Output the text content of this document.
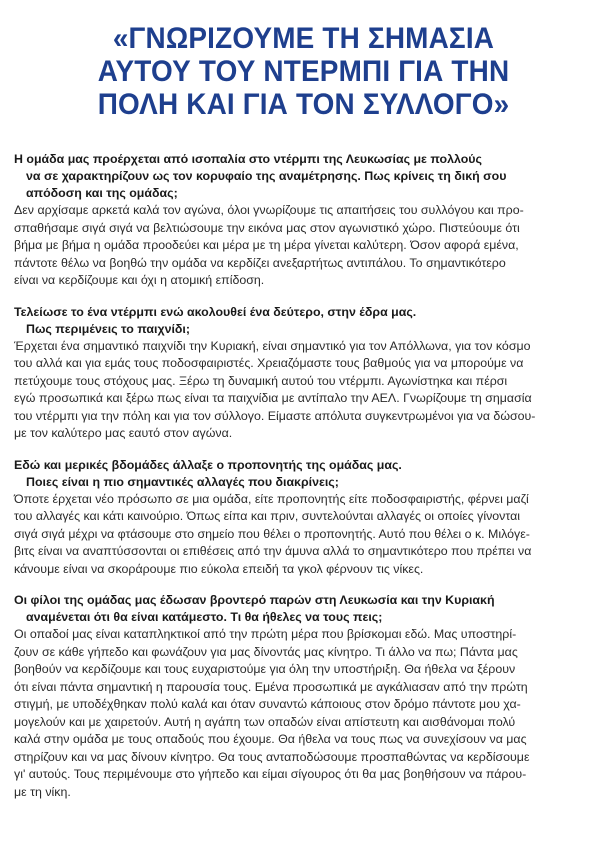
«ΓΝΩΡΙΖΟΥΜΕ ΤΗ ΣΗΜΑΣΙΑ
ΑΥΤΟΥ ΤΟΥ ΝΤΕΡΜΠΙ ΓΙΑ ΤΗΝ
ΠΟΛΗ ΚΑΙ ΓΙΑ ΤΟΝ ΣΥΛΛΟΓΟ»

Η ομάδα μας προέρχεται από ισοπαλία στο ντέρμπι της Λευκωσίας με πολλούς
να σε χαρακτηρίζουν ως τον κορυφαίο της αναμέτρησης. Πως κρίνεις τη δική σου
απόδοση και της ομάδας;

Δεν αρχίσαμε αρκετά καλά τον αγώνα, όλοι γνωρίζουμε τις απαιτήσεις του συλλόγου και προ-
σπαθήσαμε σιγά σιγά να βελτιώσουμε την εικόνα μας στον αγωνιστικό χώρο. Πιστεύουμε ότι
βήμα με βήμα η ομάδα προοδεύει και μέρα με τη μέρα γίνεται καλύτερη. Όσον αφορά εμένα,
πάντοτε θέλω να βοηθώ την ομάδα να κερδίζει ανεξαρτήτως αντιπάλου. Το σημαντικότερο
είναι να κερδίζουμε και όχι η ατομική επίδοση.

Τελείωσε το ένα ντέρμπι ενώ ακολουθεί ένα δεύτερο, στην έδρα μας.
Πως περιμένεις το παιχνίδι;

Έρχεται ένα σημαντικό παιχνίδι την Κυριακή, είναι σημαντικό για τον Απόλλωνα, για τον κόσμο
του αλλά και για εμάς τους ποδοσφαιριστές. Χρειαζόμαστε τους βαθμούς για να μπορούμε να
πετύχουμε τους στόχους μας. Ξέρω τη δυναμική αυτού του ντέρμπι. Αγωνίστηκα και πέρσι
εγώ προσωπικά και ξέρω πως είναι τα παιχνίδια με αντίπαλο την ΑΕΛ. Γνωρίζουμε τη σημασία
του ντέρμπι για την πόλη και για τον σύλλογο. Είμαστε απόλυτα συγκεντρωμένοι για να δώσου-
με τον καλύτερο μας εαυτό στον αγώνα.

Εδώ και μερικές βδομάδες άλλαξε ο προπονητής της ομάδας μας.
Ποιες είναι η πιο σημαντικές αλλαγές που διακρίνεις;

Όποτε έρχεται νέο πρόσωπο σε μια ομάδα, είτε προπονητής είτε ποδοσφαιριστής, φέρνει μαζί
του αλλαγές και κάτι καινούριο. Όπως είπα και πριν, συντελούνται αλλαγές οι οποίες γίνονται
σιγά σιγά μέχρι να φτάσουμε στο σημείο που θέλει ο προπονητής. Αυτό που θέλει ο κ. Μιλόγε-
βιτς είναι να αναπτύσσονται οι επιθέσεις από την άμυνα αλλά το σημαντικότερο που πρέπει να
κάνουμε είναι να σκοράρουμε πιο εύκολα επειδή τα γκολ φέρνουν τις νίκες.

Οι φίλοι της ομάδας μας έδωσαν βροντερό παρών στη Λευκωσία και την Κυριακή
αναμένεται ότι θα είναι κατάμεστο. Τι θα ήθελες να τους πεις;

Οι οπαδοί μας είναι καταπληκτικοί από την πρώτη μέρα που βρίσκομαι εδώ. Μας υποστηρί-
ζουν σε κάθε γήπεδο και φωνάζουν για μας δίνοντάς μας κίνητρο. Τι άλλο να πω; Πάντα μας
βοηθούν να κερδίζουμε και τους ευχαριστούμε για όλη την υποστήριξη. Θα ήθελα να ξέρουν
ότι είναι πάντα σημαντική η παρουσία τους. Εμένα προσωπικά με αγκάλιασαν από την πρώτη
στιγμή, με υποδέχθηκαν πολύ καλά και όταν συναντώ κάποιους στον δρόμο πάντοτε μου χα-
μογελούν και με χαιρετούν. Αυτή η αγάπη των οπαδών είναι απίστευτη και αισθάνομαι πολύ
καλά στην ομάδα με τους οπαδούς που έχουμε. Θα ήθελα να τους πως να συνεχίσουν να μας
στηρίζουν και να μας δίνουν κίνητρο. Θα τους ανταποδώσουμε προσπαθώντας να κερδίσουμε
γι' αυτούς. Τους περιμένουμε στο γήπεδο και είμαι σίγουρος ότι θα μας βοηθήσουν να πάρου-
με τη νίκη.
